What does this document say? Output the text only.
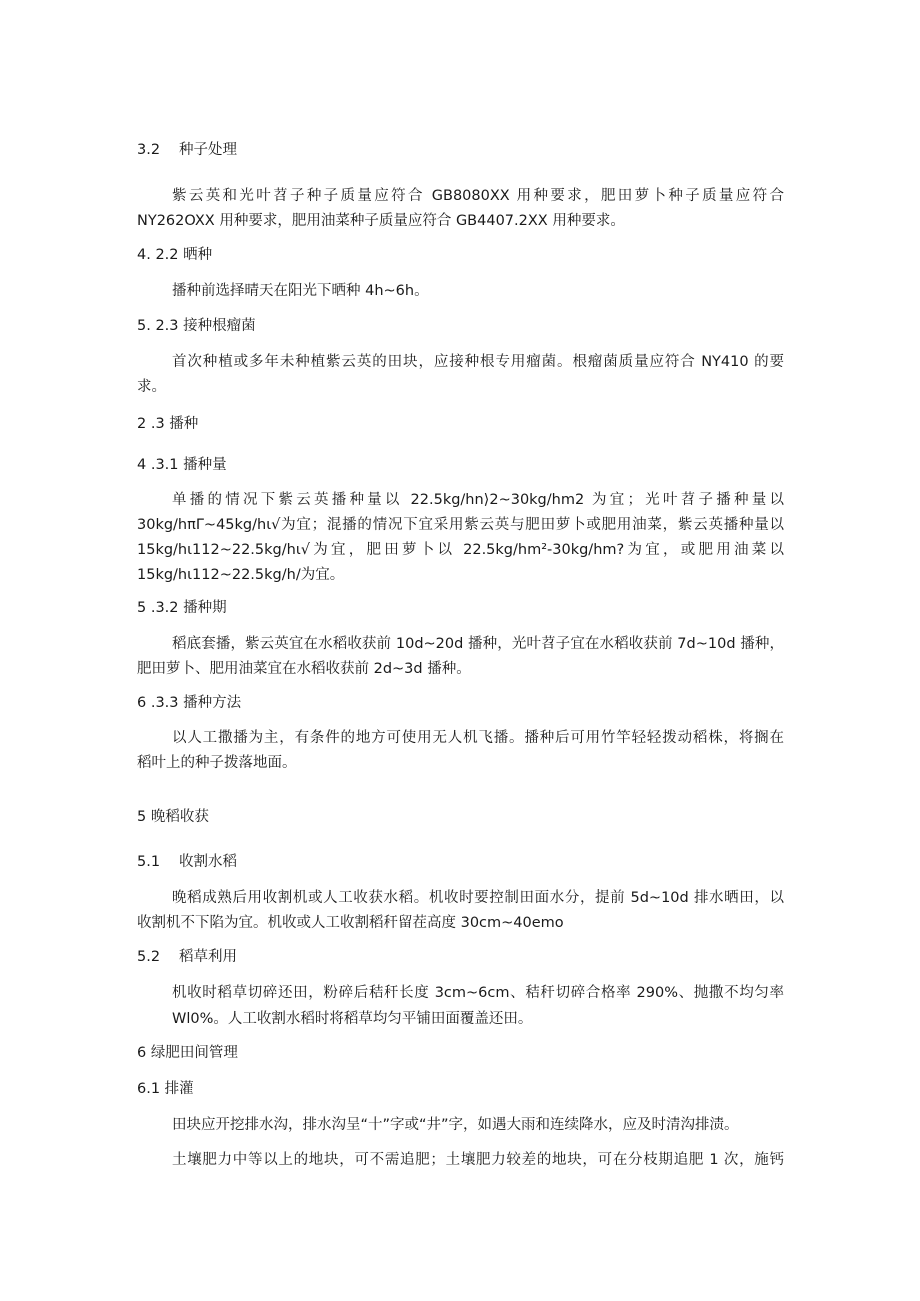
3.2 种子处理
紫云英和光叶苕子种子质量应符合 GB8080XX 用种要求，肥田萝卜种子质量应符合
NY262OXX 用种要求，肥用油菜种子质量应符合 GB4407.2XX 用种要求。
4. 2.2 晒种
播种前选择晴天在阳光下晒种 4h~6h。
5. 2.3 接种根瘤菌
首次种植或多年未种植紫云英的田块，应接种根专用瘤菌。根瘤菌质量应符合 NY410 的要
求。
2 .3 播种
4 .3.1 播种量
单播的情况下紫云英播种量以 22.5kg/hn⟩2~30kg/hm2 为宜；光叶苕子播种量以
30kg∕hπΓ~45kg∕hι√为宜；混播的情况下宜采用紫云英与肥田萝卜或肥用油菜，紫云英播种量以
15kg∕hι112~22.5kg∕hι√为宜，肥田萝卜以 22.5kg∕hm²-30kg/hm?为宜，或肥用油菜以
15kg∕hι112~22.5kg/h/为宜。
5 .3.2 播种期
稻底套播，紫云英宜在水稻收获前 10d~20d 播种，光叶苕子宜在水稻收获前 7d~10d 播种，
肥田萝卜、肥用油菜宜在水稻收获前 2d~3d 播种。
6 .3.3 播种方法
以人工撒播为主，有条件的地方可使用无人机飞播。播种后可用竹竿轻轻拨动稻株，将搁在
稻叶上的种子拨落地面。
5 晚稻收获
5.1 收割水稻
晚稻成熟后用收割机或人工收获水稻。机收时要控制田面水分，提前 5d~10d 排水晒田，以
收割机不下陷为宜。机收或人工收割稻秆留茬高度 30cm~40emo
5.2 稻草利用
机收时稻草切碎还田，粉碎后秸秆长度 3cm~6cm、秸秆切碎合格率 290%、抛撒不均匀率
Wl0%。人工收割水稻时将稻草均匀平铺田面覆盖还田。
6 绿肥田间管理
6.1 排灌
田块应开挖排水沟，排水沟呈“十”字或“井”字，如遇大雨和连续降水，应及时清沟排渍。
土壤肥力中等以上的地块，可不需追肥；土壤肥力较差的地块，可在分枝期追肥 1 次，施钙
